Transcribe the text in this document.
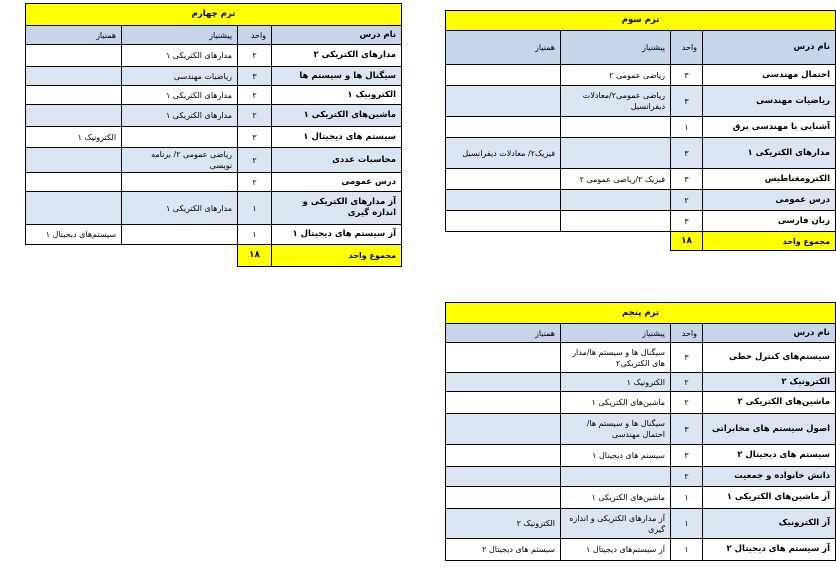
ترم سوم			
نام درس	واحد	پیشنیاز	همنیاز
احتمال مهندسی	۳	ریاضی عمومی ۲	
ریاضیات مهندسی	۳	ریاضی عمومی۲/معادلات دیفرانسیل	
آشنایی با مهندسی برق	۱		
مدارهای الکتریکی ۱	۳		فیزیک۲/ معادلات دیفرانسیل
الکترومغناطیس	۳	فیزیک ۲/ریاضی عمومی ۲	
درس عمومی	۲		
زبان فارسی	۳		
مجموع واحد	۱۸		
ترم چهارم			
نام درس	واحد	پیشنیاز	همنیاز
مدارهای الکتریکی ۲	۲	مدارهای الکتریکی ۱	
سیگنال ها و سیستم ها	۳	ریاضیات مهندسی	
الکترونیک ۱	۲	مدارهای الکتریکی ۱	
ماشین‌های الکتریکی ۱	۲	مدارهای الکتریکی ۱	
سیستم های دیجیتال ۱	۳		الکترونیک ۱
محاسبات عددی	۲	ریاضی عمومی ۲/ برنامه نویسی	
درس عمومی	۲		
آز مدارهای الکتریکی و اندازه گیری	۱	مدارهای الکتریکی ۱	
آز سیستم های دیجیتال ۱	۱		سیستم‌های دیجیتال ۱
مجموع واحد	۱۸		
ترم پنجم			
نام درس	واحد	پیشنیاز	همنیاز
سیستم‌های کنترل خطی	۳	سیگنال ها و سیستم ها/مدار های الکتریکی۲	
الکترونیک ۲	۲	الکترونیک ۱	
ماشین‌های الکتریکی ۲	۲	ماشین‌های الکتریکی ۱	
اصول سیستم های مخابراتی	۳	سیگنال ها و سیستم ها/ احتمال مهندسی	
سیستم های دیجیتال ۲	۳	سیستم های دیجیتال ۱	
دانش خانواده و جمعیت	۲		
آز ماشین‌های الکتریکی ۱	۱	ماشین‌های الکتریکی ۱	
آز الکترونیک	۱	آز مدارهای الکتریکی و اندازه گیری	الکترونیک ۲
آز سیستم های دیجیتال ۲	۱	آز سیستم‌های دیجیتال ۱	سیستم های دیجیتال ۲
